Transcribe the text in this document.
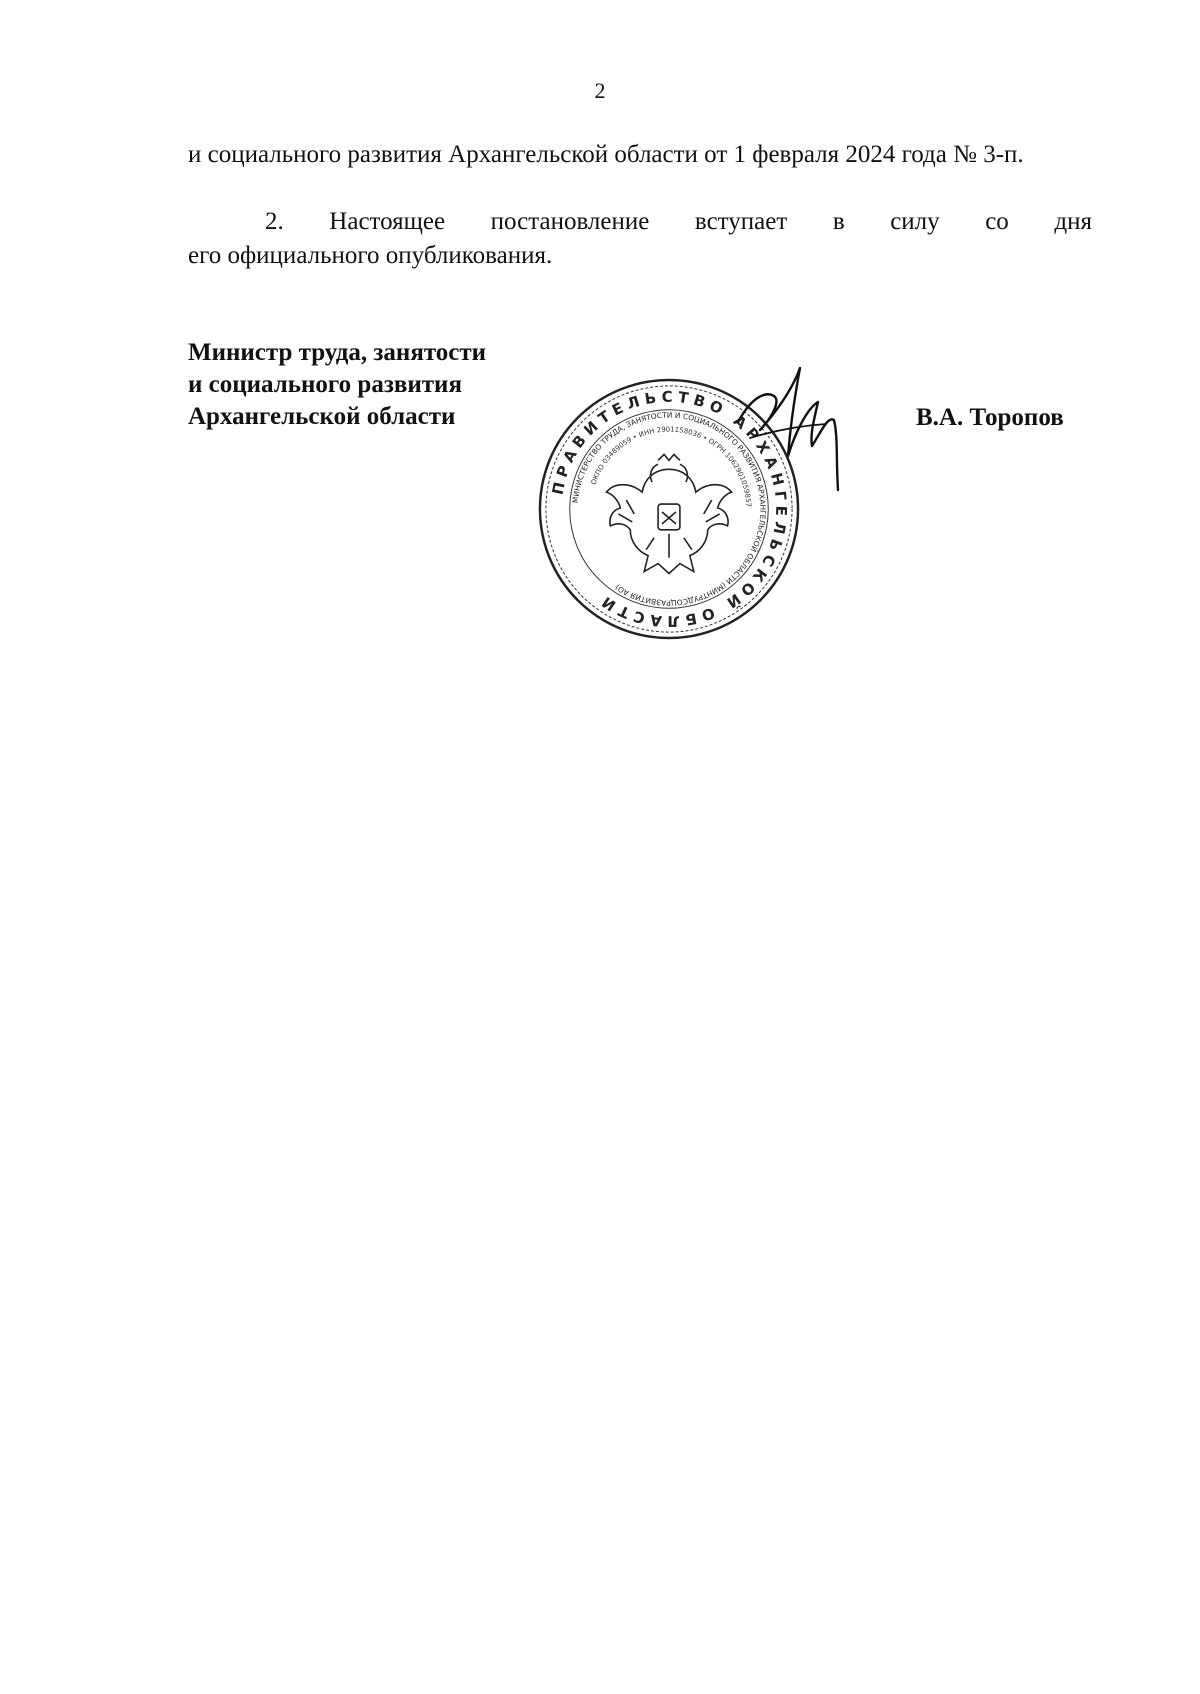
2
и социального развития Архангельской области от 1 февраля 2024 года № 3-п.
2. Настоящее постановление вступает в силу со дня
его официального опубликования.
Министр труда, занятости
и социального развития
Архангельской области
ПРАВИТЕЛЬСТВО АРХАНГЕЛЬСКОЙ ОБЛАСТИ
МИНИСТЕРСТВО ТРУДА, ЗАНЯТОСТИ И СОЦИАЛЬНОГО РАЗВИТИЯ АРХАНГЕЛЬСКОЙ ОБЛАСТИ (МИНТРУДСОЦРАЗВИТИЯ АО)
ОКПО 03489059 • ИНН 2901158036 • ОГРН 1062901059857
В.А. Торопов
